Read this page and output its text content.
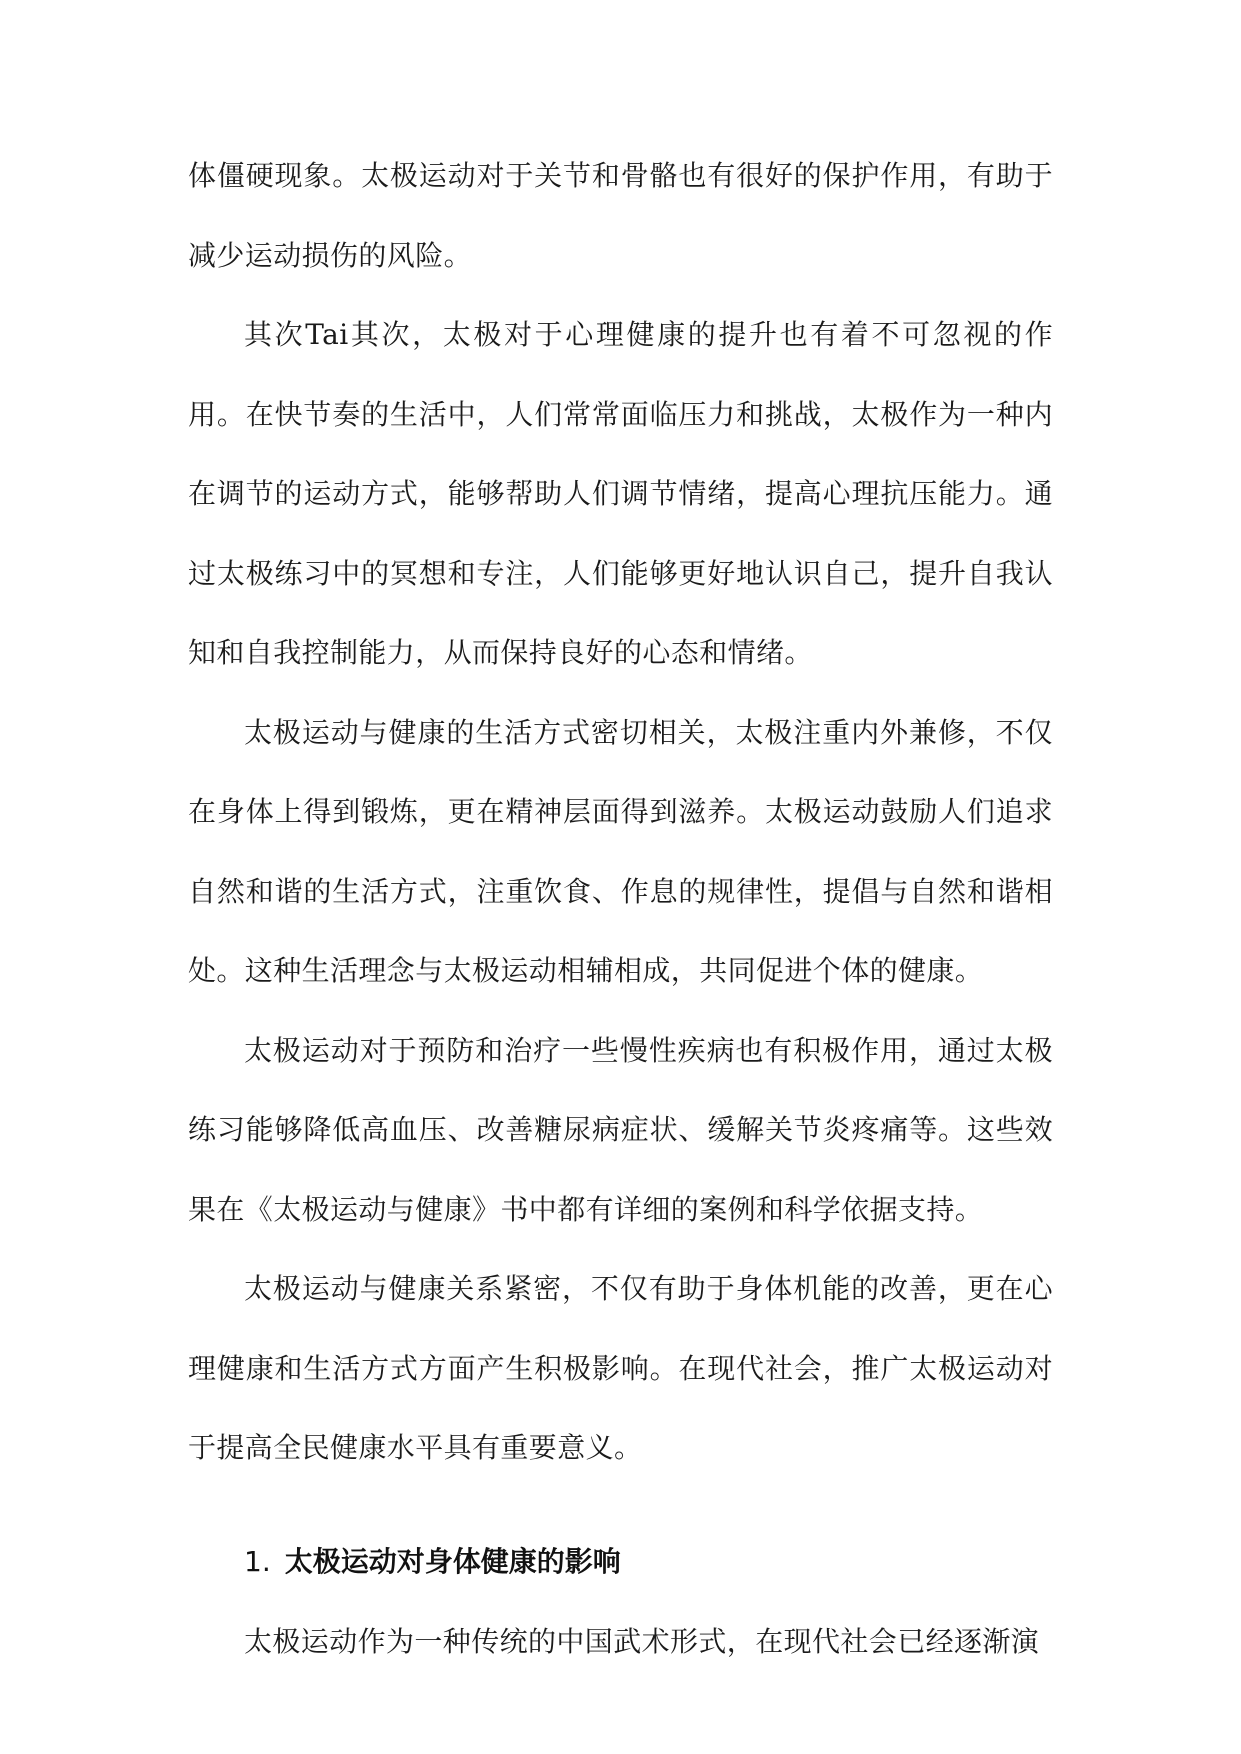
体僵硬现象。太极运动对于关节和骨骼也有很好的保护作用，有助于减少运动损伤的风险。

其次Tai其次，太极对于心理健康的提升也有着不可忽视的作用。在快节奏的生活中，人们常常面临压力和挑战，太极作为一种内在调节的运动方式，能够帮助人们调节情绪，提高心理抗压能力。通过太极练习中的冥想和专注，人们能够更好地认识自己，提升自我认知和自我控制能力，从而保持良好的心态和情绪。

太极运动与健康的生活方式密切相关，太极注重内外兼修，不仅在身体上得到锻炼，更在精神层面得到滋养。太极运动鼓励人们追求自然和谐的生活方式，注重饮食、作息的规律性，提倡与自然和谐相处。这种生活理念与太极运动相辅相成，共同促进个体的健康。

太极运动对于预防和治疗一些慢性疾病也有积极作用，通过太极练习能够降低高血压、改善糖尿病症状、缓解关节炎疼痛等。这些效果在《太极运动与健康》书中都有详细的案例和科学依据支持。

太极运动与健康关系紧密，不仅有助于身体机能的改善，更在心理健康和生活方式方面产生积极影响。在现代社会，推广太极运动对于提高全民健康水平具有重要意义。

1. 太极运动对身体健康的影响

太极运动作为一种传统的中国武术形式，在现代社会已经逐渐演
